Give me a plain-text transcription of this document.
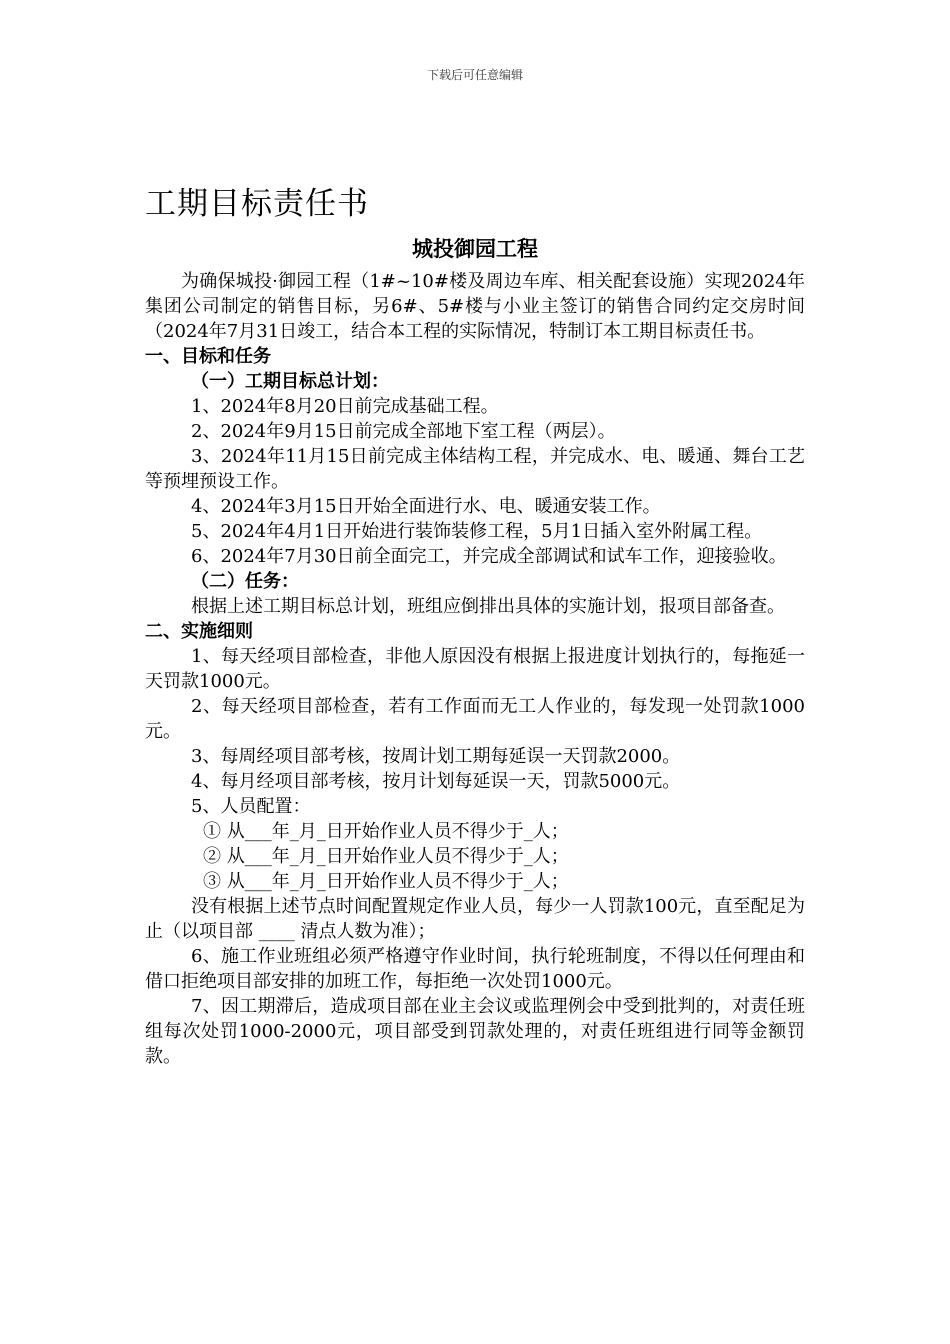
下载后可任意编辑
工期目标责任书
城投御园工程

为确保城投·御园工程（1#~10#楼及周边车库、相关配套设施）实现2024年集团公司制定的销售目标，另6#、5#楼与小业主签订的销售合同约定交房时间（2024年7月31日竣工，结合本工程的实际情况，特制订本工期目标责任书。

一、目标和任务

（一）工期目标总计划：

1、2024年8月20日前完成基础工程。

2、2024年9月15日前完成全部地下室工程（两层）。

3、2024年11月15日前完成主体结构工程，并完成水、电、暖通、舞台工艺等预埋预设工作。

4、2024年3月15日开始全面进行水、电、暖通安装工作。

5、2024年4月1日开始进行装饰装修工程，5月1日插入室外附属工程。

6、2024年7月30日前全面完工，并完成全部调试和试车工作，迎接验收。

（二）任务：

根据上述工期目标总计划，班组应倒排出具体的实施计划，报项目部备查。

二、实施细则

1、每天经项目部检查，非他人原因没有根据上报进度计划执行的，每拖延一天罚款1000元。

2、每天经项目部检查，若有工作面而无工人作业的，每发现一处罚款1000元。

3、每周经项目部考核，按周计划工期每延误一天罚款2000。

4、每月经项目部考核，按月计划每延误一天，罚款5000元。

5、人员配置：

① 从___年_月_日开始作业人员不得少于_人；

② 从___年_月_日开始作业人员不得少于_人；

③ 从___年_月_日开始作业人员不得少于_人；

没有根据上述节点时间配置规定作业人员，每少一人罚款100元，直至配足为止（以项目部 ____ 清点人数为准）；

6、施工作业班组必须严格遵守作业时间，执行轮班制度，不得以任何理由和借口拒绝项目部安排的加班工作，每拒绝一次处罚1000元。

7、因工期滞后，造成项目部在业主会议或监理例会中受到批判的，对责任班组每次处罚1000-2000元，项目部受到罚款处理的，对责任班组进行同等金额罚款。
